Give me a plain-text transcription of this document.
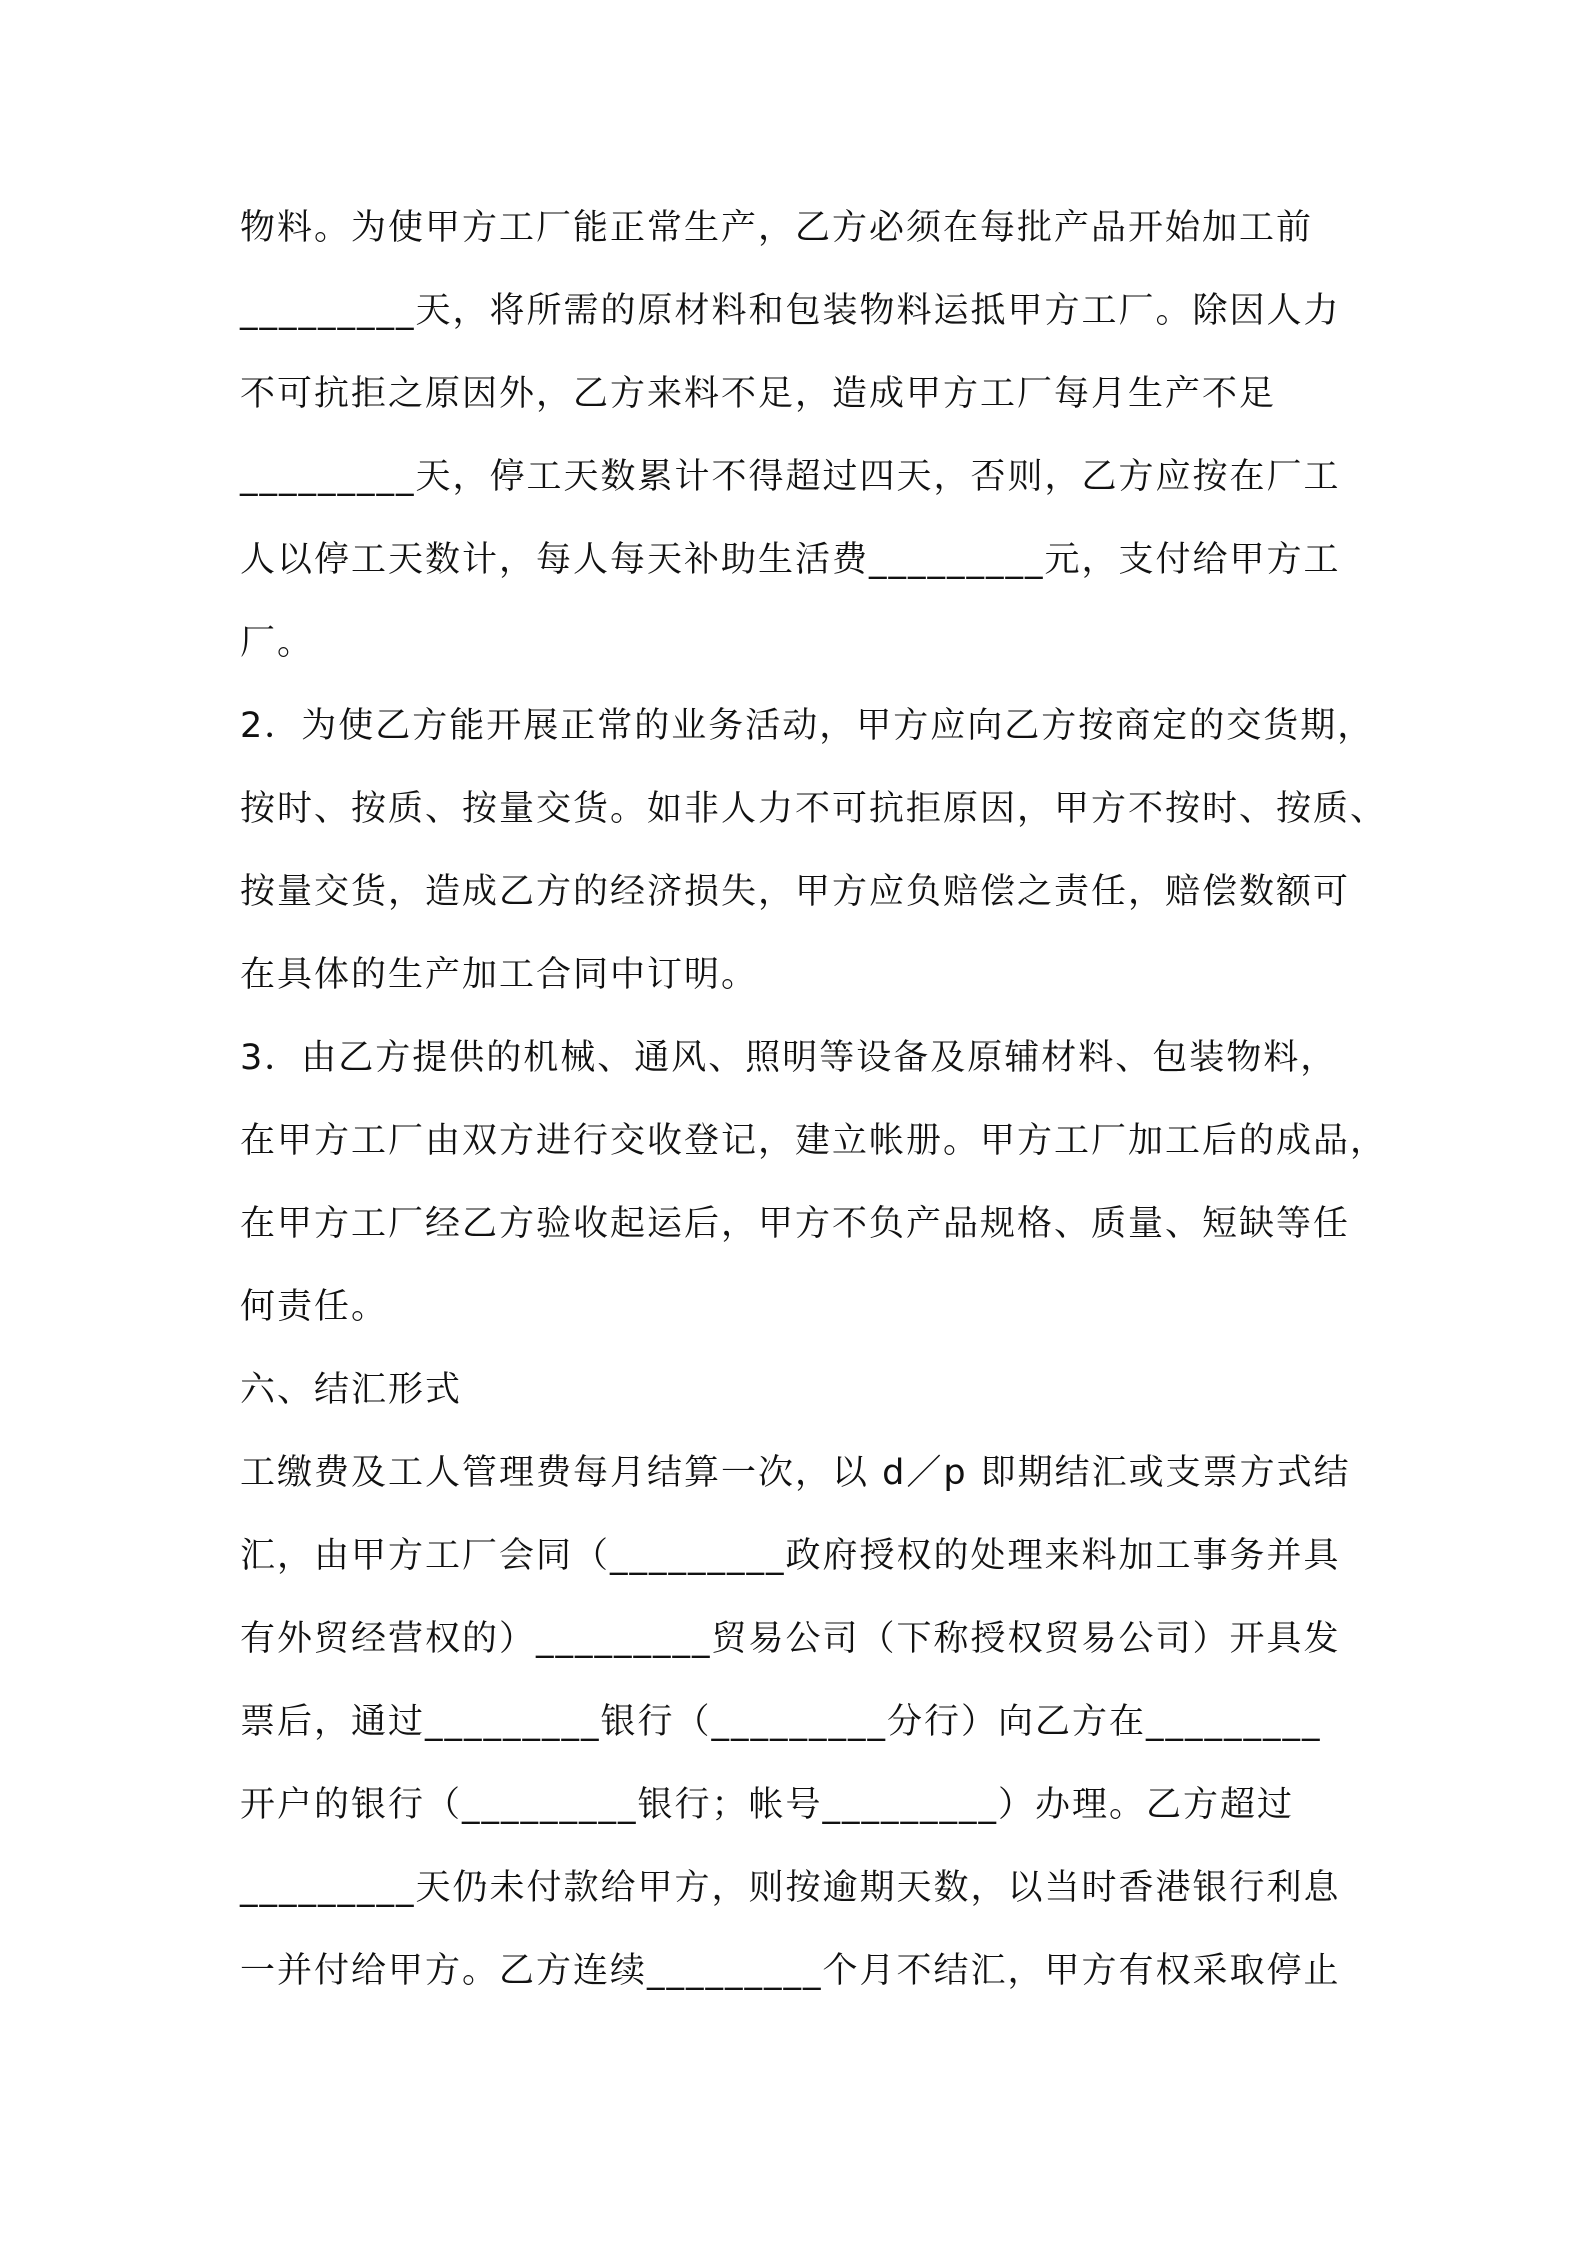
物料。为使甲方工厂能正常生产，乙方必须在每批产品开始加工前
_________天，将所需的原材料和包装物料运抵甲方工厂。除因人力
不可抗拒之原因外，乙方来料不足，造成甲方工厂每月生产不足
_________天，停工天数累计不得超过四天，否则，乙方应按在厂工
人以停工天数计，每人每天补助生活费_________元，支付给甲方工
厂。
2．为使乙方能开展正常的业务活动，甲方应向乙方按商定的交货期，
按时、按质、按量交货。如非人力不可抗拒原因，甲方不按时、按质、
按量交货，造成乙方的经济损失，甲方应负赔偿之责任，赔偿数额可
在具体的生产加工合同中订明。
3．由乙方提供的机械、通风、照明等设备及原辅材料、包装物料，
在甲方工厂由双方进行交收登记，建立帐册。甲方工厂加工后的成品，
在甲方工厂经乙方验收起运后，甲方不负产品规格、质量、短缺等任
何责任。
六、结汇形式
工缴费及工人管理费每月结算一次，以 d／p 即期结汇或支票方式结
汇，由甲方工厂会同（_________政府授权的处理来料加工事务并具
有外贸经营权的）_________贸易公司（下称授权贸易公司）开具发
票后，通过_________银行（_________分行）向乙方在_________
开户的银行（_________银行；帐号_________）办理。乙方超过
_________天仍未付款给甲方，则按逾期天数，以当时香港银行利息
一并付给甲方。乙方连续_________个月不结汇，甲方有权采取停止
